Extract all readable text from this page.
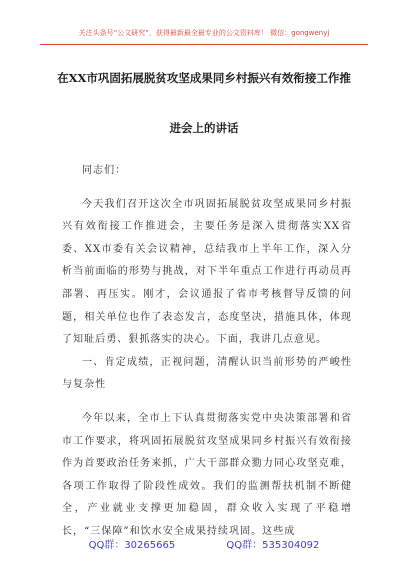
关注头条号“公文研究”，获得最新最全最专业的公文资料库！ 微信：gongwenyj
在XX市巩固拓展脱贫攻坚成果同乡村振兴有效衔接工作推
进会上的讲话

同志们：

今天我们召开这次全市巩固拓展脱贫攻坚成果同乡村振兴有效衔接工作推进会，主要任务是深入贯彻落实XX省委、XX市委有关会议精神，总结我市上半年工作，深入分析当前面临的形势与挑战，对下半年重点工作进行再动员再部署、再压实。刚才，会议通报了省市考核督导反馈的问题，相关单位也作了表态发言，态度坚决，措施具体，体现了知耻后勇、狠抓落实的决心。下面，我讲几点意见。

一、肯定成绩，正视问题，清醒认识当前形势的严峻性与复杂性

今年以来，全市上下认真贯彻落实党中央决策部署和省市工作要求，将巩固拓展脱贫攻坚成果同乡村振兴有效衔接作为首要政治任务来抓，广大干部群众勠力同心攻坚克难，各项工作取得了阶段性成效。我们的监测帮扶机制不断健全，产业就业支撑更加稳固，群众收入实现了平稳增长，“三保障”和饮水安全成果持续巩固。这些成

QQ群：30265665	QQ群：535304092
